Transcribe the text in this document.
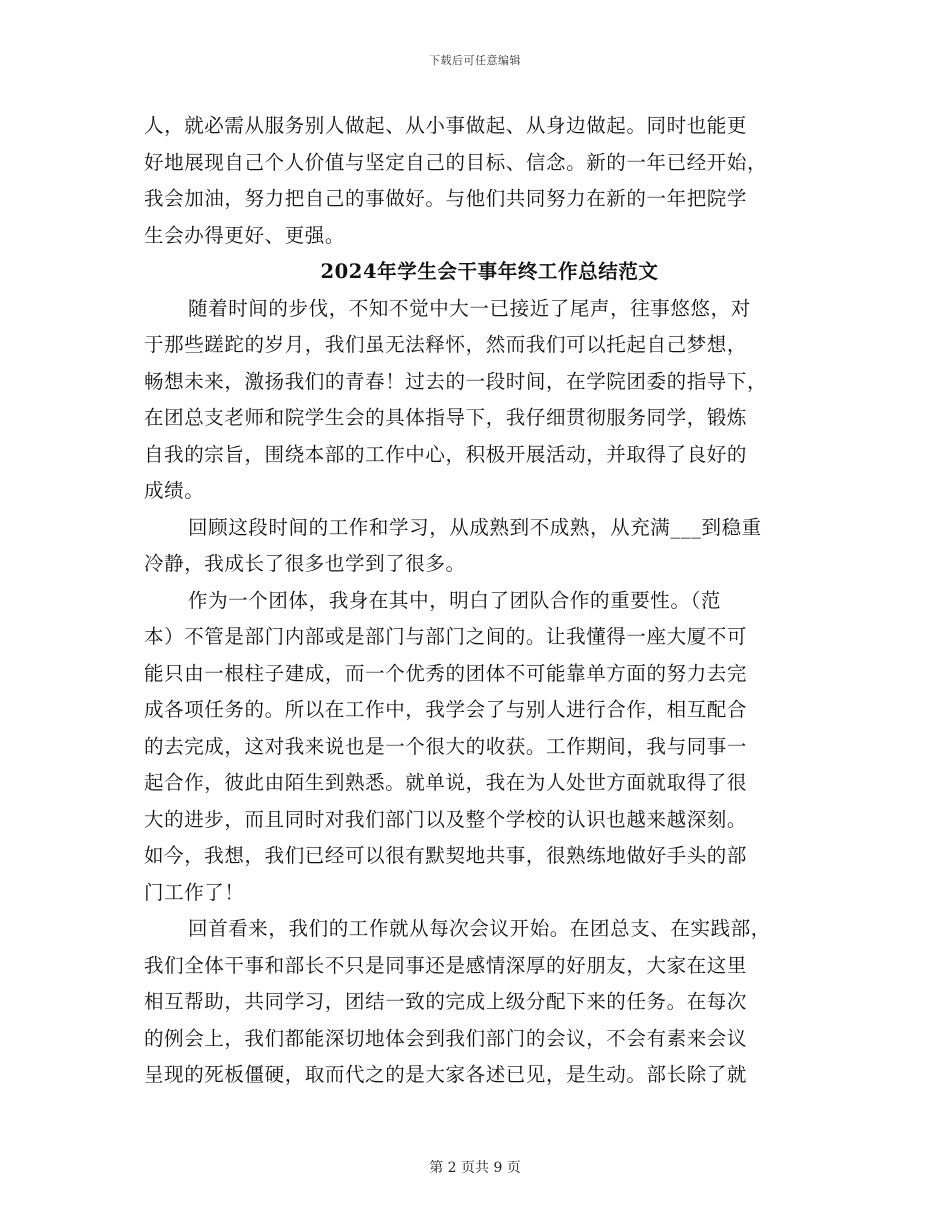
下载后可任意编辑
人，就必需从服务别人做起、从小事做起、从身边做起。同时也能更
好地展现自己个人价值与坚定自己的目标、信念。新的一年已经开始，
我会加油，努力把自己的事做好。与他们共同努力在新的一年把院学
生会办得更好、更强。
2024年学生会干事年终工作总结范文
随着时间的步伐，不知不觉中大一已接近了尾声，往事悠悠，对
于那些蹉跎的岁月，我们虽无法释怀，然而我们可以托起自己梦想，
畅想未来，激扬我们的青春！过去的一段时间，在学院团委的指导下，
在团总支老师和院学生会的具体指导下，我仔细贯彻服务同学，锻炼
自我的宗旨，围绕本部的工作中心，积极开展活动，并取得了良好的
成绩。
回顾这段时间的工作和学习，从成熟到不成熟，从充满___到稳重
冷静，我成长了很多也学到了很多。
作为一个团体，我身在其中，明白了团队合作的重要性。（范
本）不管是部门内部或是部门与部门之间的。让我懂得一座大厦不可
能只由一根柱子建成，而一个优秀的团体不可能靠单方面的努力去完
成各项任务的。所以在工作中，我学会了与别人进行合作，相互配合
的去完成，这对我来说也是一个很大的收获。工作期间，我与同事一
起合作，彼此由陌生到熟悉。就单说，我在为人处世方面就取得了很
大的进步，而且同时对我们部门以及整个学校的认识也越来越深刻。
如今，我想，我们已经可以很有默契地共事，很熟练地做好手头的部
门工作了！
回首看来，我们的工作就从每次会议开始。在团总支、在实践部，
我们全体干事和部长不只是同事还是感情深厚的好朋友，大家在这里
相互帮助，共同学习，团结一致的完成上级分配下来的任务。在每次
的例会上，我们都能深切地体会到我们部门的会议，不会有素来会议
呈现的死板僵硬，取而代之的是大家各述已见，是生动。部长除了就
第 2 页共 9 页
